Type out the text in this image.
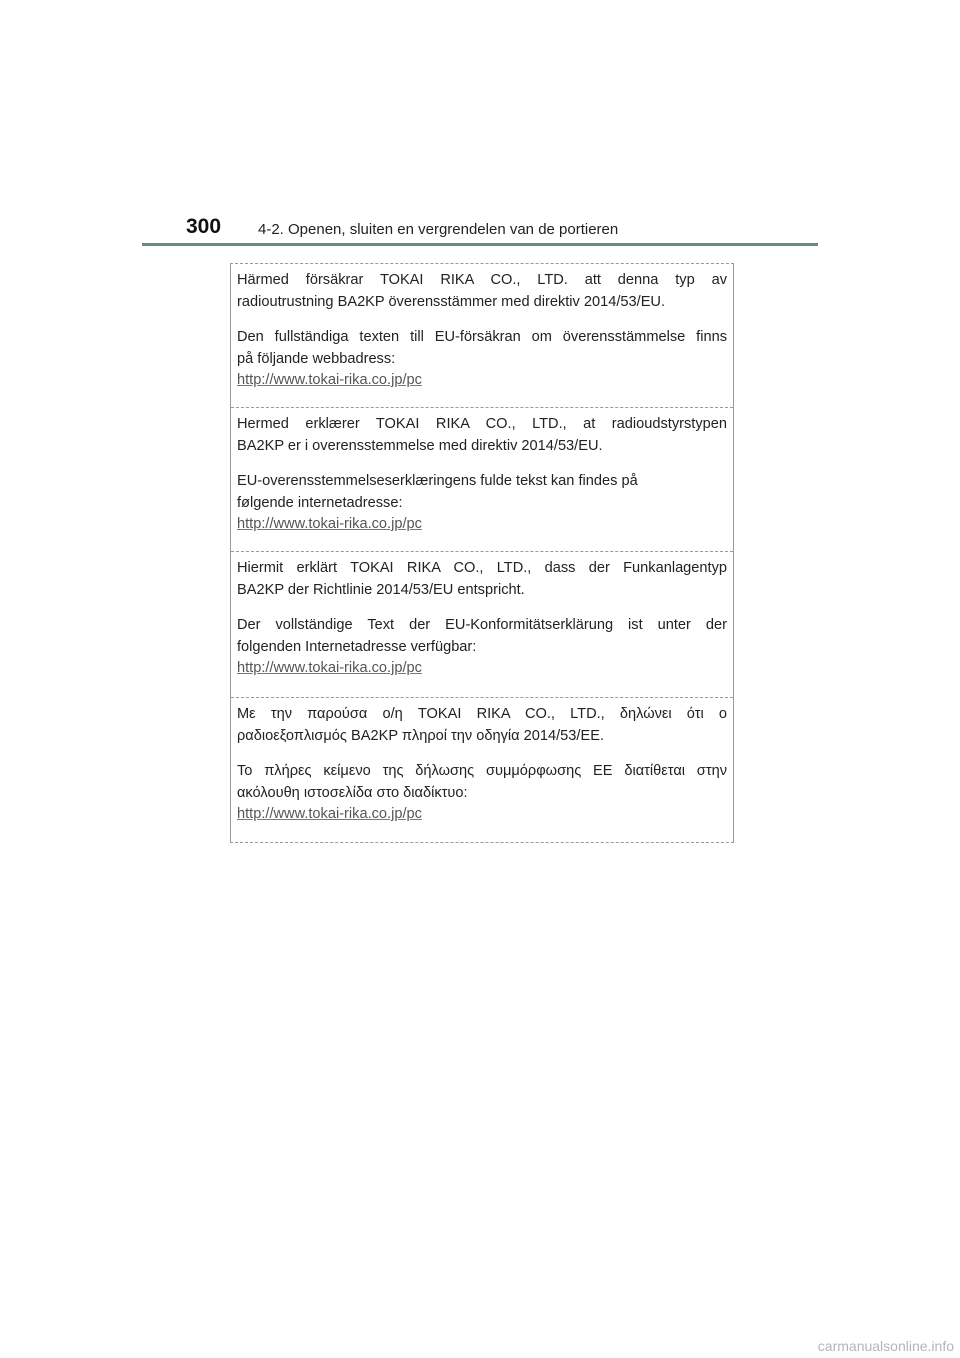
300 4-2. Openen, sluiten en vergrendelen van de portieren
Härmed försäkrar TOKAI RIKA CO., LTD. att denna typ av
radioutrustning BA2KP överensstämmer med direktiv 2014/53/EU.
Den fullständiga texten till EU-försäkran om överensstämmelse finns
på följande webbadress:
http://www.tokai-rika.co.jp/pc
Hermed erklærer TOKAI RIKA CO., LTD., at radioudstyrstypen
BA2KP er i overensstemmelse med direktiv 2014/53/EU.
EU-overensstemmelseserklæringens fulde tekst kan findes på
følgende internetadresse:
http://www.tokai-rika.co.jp/pc
Hiermit erklärt TOKAI RIKA CO., LTD., dass der Funkanlagentyp
BA2KP der Richtlinie 2014/53/EU entspricht.
Der vollständige Text der EU-Konformitätserklärung ist unter der
folgenden Internetadresse verfügbar:
http://www.tokai-rika.co.jp/pc
Με την παρούσα ο/η TOKAI RIKA CO., LTD., δηλώνει ότι ο
ραδιοεξοπλισμός BA2KP πληροί την οδηγία 2014/53/ΕΕ.
Το πλήρες κείμενο της δήλωσης συμμόρφωσης ΕΕ διατίθεται στην
ακόλουθη ιστοσελίδα στο διαδίκτυο:
http://www.tokai-rika.co.jp/pc
carmanualsonline.info
